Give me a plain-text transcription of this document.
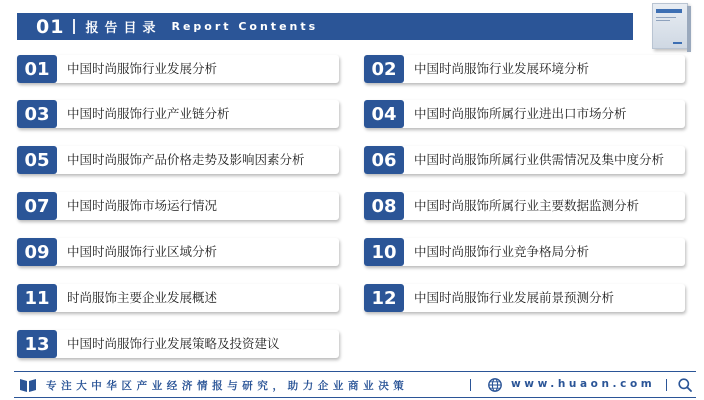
01 报告目录 Report Contents
01	中国时尚服饰行业发展分析	02	中国时尚服饰行业发展环境分析
03	中国时尚服饰行业产业链分析	04	中国时尚服饰所属行业进出口市场分析
05	中国时尚服饰产品价格走势及影响因素分析	06	中国时尚服饰所属行业供需情况及集中度分析
07	中国时尚服饰市场运行情况	08	中国时尚服饰所属行业主要数据监测分析
09	中国时尚服饰行业区域分析	10	中国时尚服饰行业竞争格局分析
11	时尚服饰主要企业发展概述	12	中国时尚服饰行业发展前景预测分析
13	中国时尚服饰行业发展策略及投资建议
专注大中华区产业经济情报与研究，助力企业商业决策	www.huaon.com
